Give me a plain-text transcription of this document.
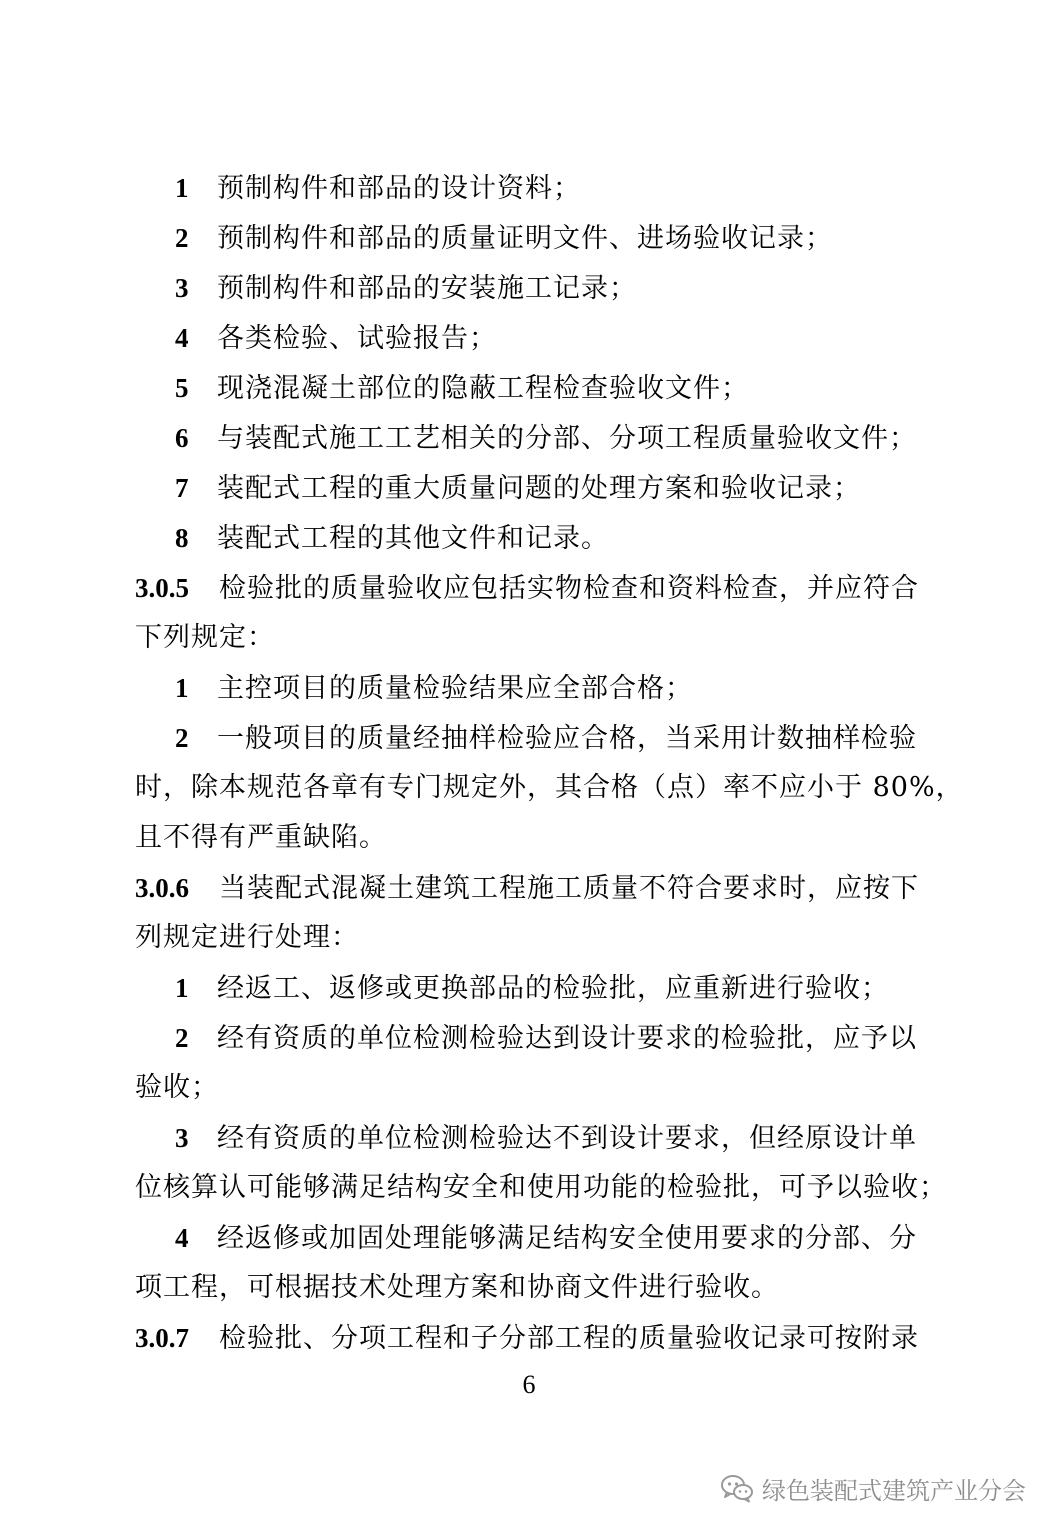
1 预制构件和部品的设计资料；
2 预制构件和部品的质量证明文件、进场验收记录；
3 预制构件和部品的安装施工记录；
4 各类检验、试验报告；
5 现浇混凝土部位的隐蔽工程检查验收文件；
6 与装配式施工工艺相关的分部、分项工程质量验收文件；
7 装配式工程的重大质量问题的处理方案和验收记录；
8 装配式工程的其他文件和记录。
3.0.5 检验批的质量验收应包括实物检查和资料检查，并应符合
下列规定：
1 主控项目的质量检验结果应全部合格；
2 一般项目的质量经抽样检验应合格，当采用计数抽样检验
时，除本规范各章有专门规定外，其合格（点）率不应小于 80%，
且不得有严重缺陷。
3.0.6 当装配式混凝土建筑工程施工质量不符合要求时，应按下
列规定进行处理：
1 经返工、返修或更换部品的检验批，应重新进行验收；
2 经有资质的单位检测检验达到设计要求的检验批，应予以
验收；
3 经有资质的单位检测检验达不到设计要求，但经原设计单
位核算认可能够满足结构安全和使用功能的检验批，可予以验收；
4 经返修或加固处理能够满足结构安全使用要求的分部、分
项工程，可根据技术处理方案和协商文件进行验收。
3.0.7 检验批、分项工程和子分部工程的质量验收记录可按附录
6
绿色装配式建筑产业分会
